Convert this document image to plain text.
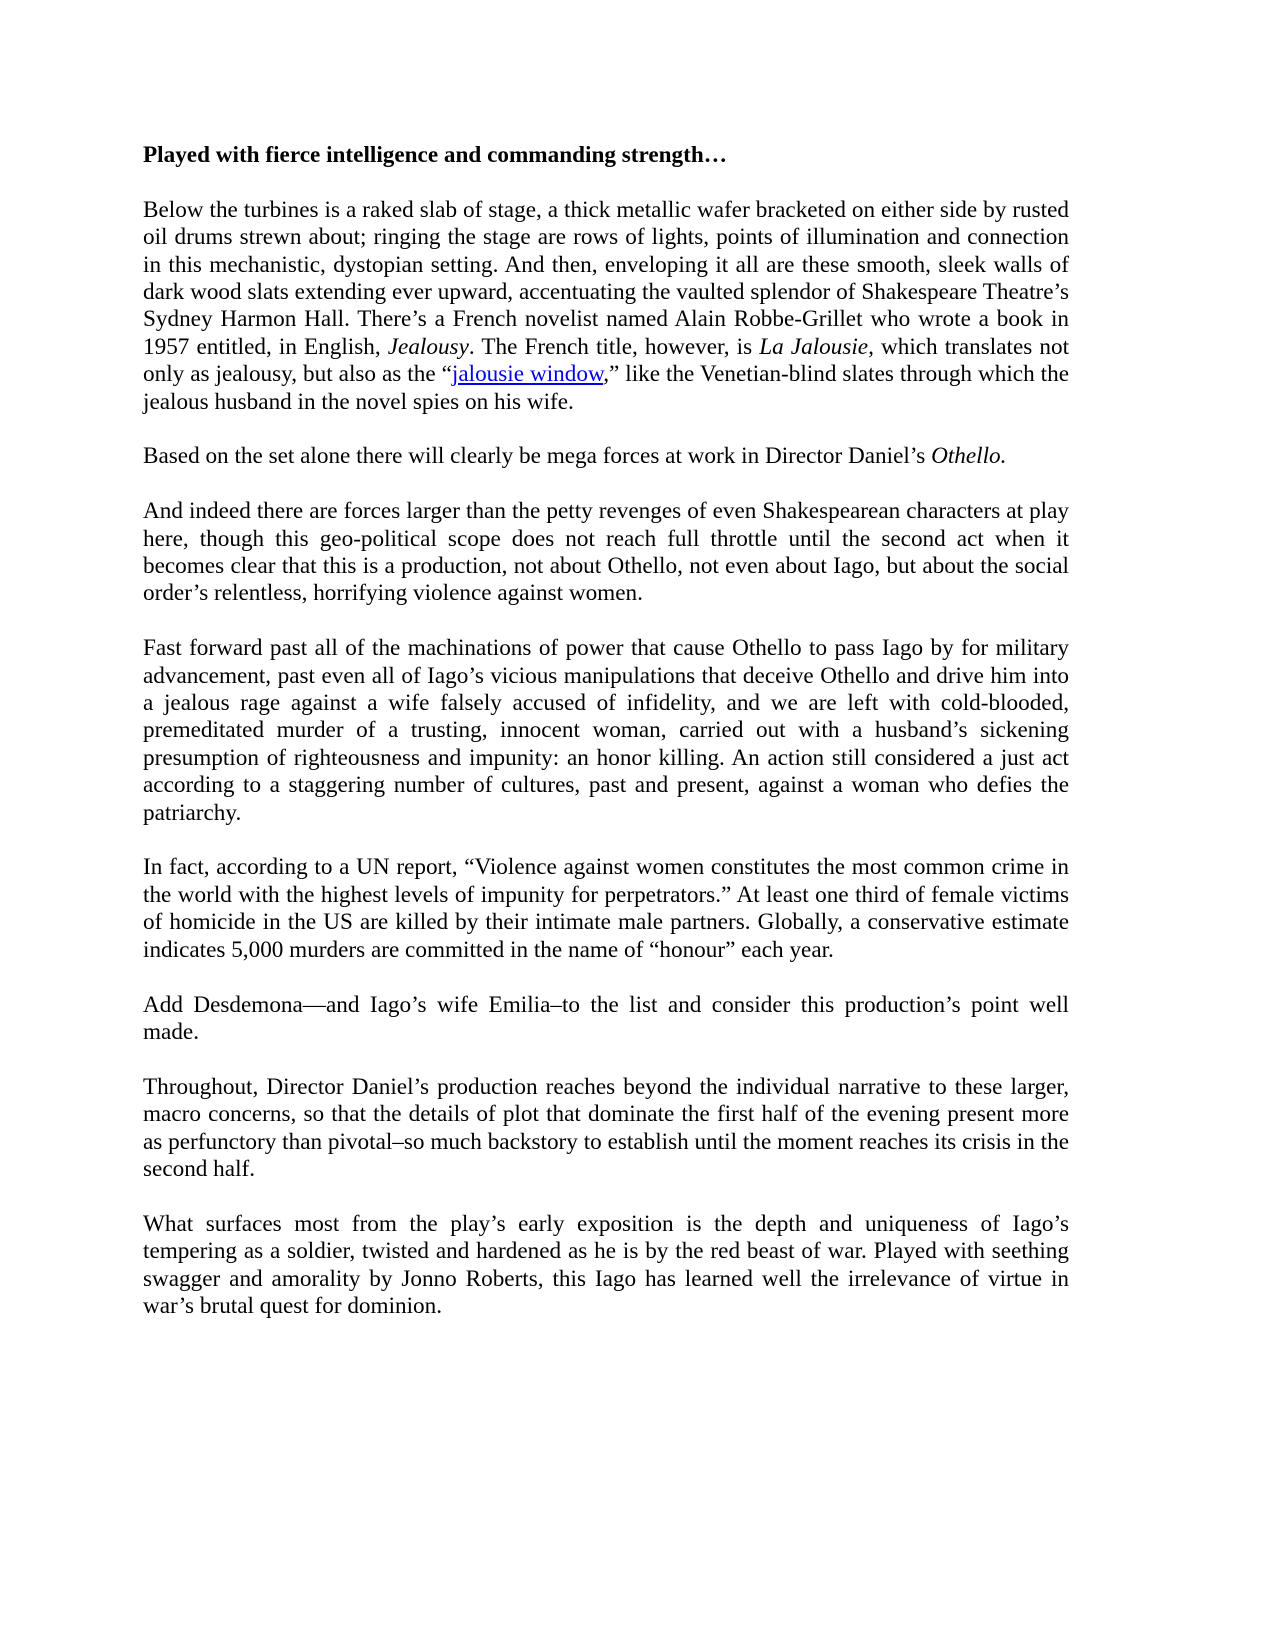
Played with fierce intelligence and commanding strength…

Below the turbines is a raked slab of stage, a thick metallic wafer bracketed on either side by rusted oil drums strewn about; ringing the stage are rows of lights, points of illumination and connection in this mechanistic, dystopian setting. And then, enveloping it all are these smooth, sleek walls of dark wood slats extending ever upward, accentuating the vaulted splendor of Shakespeare Theatre’s Sydney Harmon Hall. There’s a French novelist named Alain Robbe-Grillet who wrote a book in 1957 entitled, in English, Jealousy. The French title, however, is La Jalousie, which translates not only as jealousy, but also as the “jalousie window,” like the Venetian-blind slates through which the jealous husband in the novel spies on his wife.

Based on the set alone there will clearly be mega forces at work in Director Daniel’s Othello.

And indeed there are forces larger than the petty revenges of even Shakespearean characters at play here, though this geo-political scope does not reach full throttle until the second act when it becomes clear that this is a production, not about Othello, not even about Iago, but about the social order’s relentless, horrifying violence against women.

Fast forward past all of the machinations of power that cause Othello to pass Iago by for military advancement, past even all of Iago’s vicious manipulations that deceive Othello and drive him into a jealous rage against a wife falsely accused of infidelity, and we are left with cold-blooded, premeditated murder of a trusting, innocent woman, carried out with a husband’s sickening presumption of righteousness and impunity: an honor killing. An action still considered a just act according to a staggering number of cultures, past and present, against a woman who defies the patriarchy.

In fact, according to a UN report, “Violence against women constitutes the most common crime in the world with the highest levels of impunity for perpetrators.” At least one third of female victims of homicide in the US are killed by their intimate male partners. Globally, a conservative estimate indicates 5,000 murders are committed in the name of “honour” each year.

Add Desdemona—and Iago’s wife Emilia–to the list and consider this production’s point well made.

Throughout, Director Daniel’s production reaches beyond the individual narrative to these larger, macro concerns, so that the details of plot that dominate the first half of the evening present more as perfunctory than pivotal–so much backstory to establish until the moment reaches its crisis in the second half.

What surfaces most from the play’s early exposition is the depth and uniqueness of Iago’s tempering as a soldier, twisted and hardened as he is by the red beast of war. Played with seething swagger and amorality by Jonno Roberts, this Iago has learned well the irrelevance of virtue in war’s brutal quest for dominion.
